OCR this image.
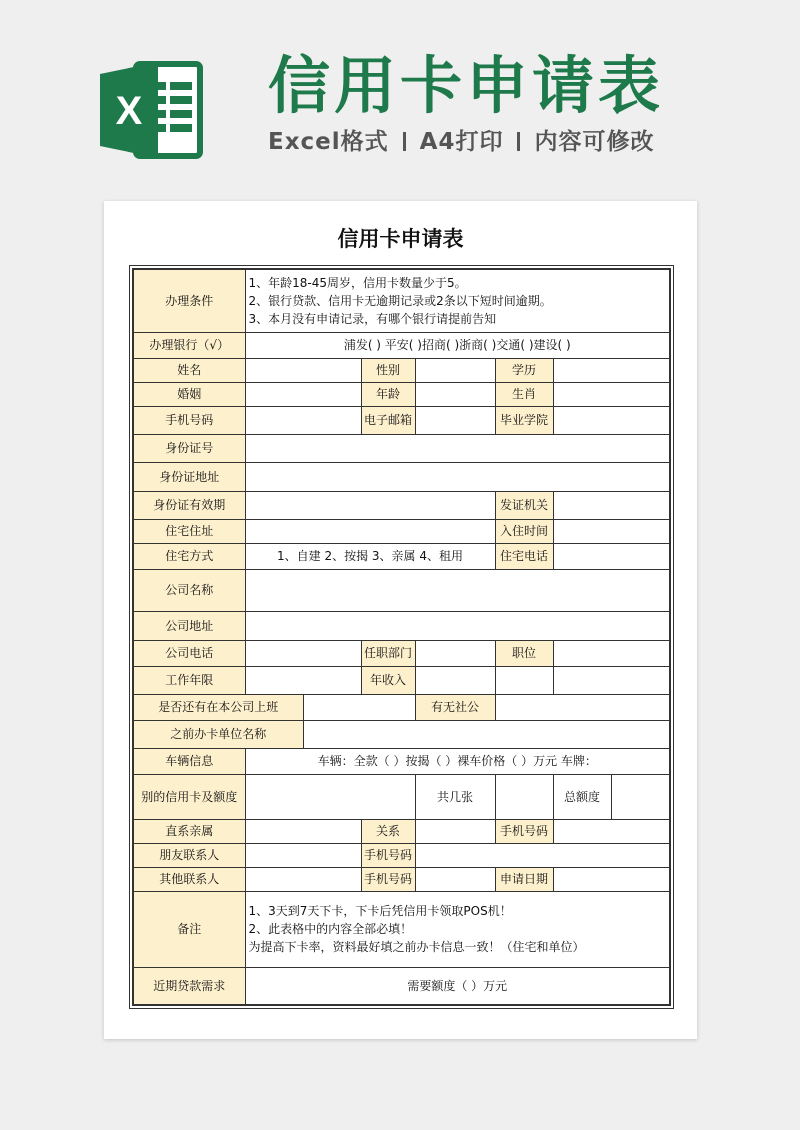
X 信用卡申请表
Excel格式 A4打印 内容可修改
信用卡申请表
办理条件	1、年龄18-45周岁，信用卡数量少于5。
2、银行贷款、信用卡无逾期记录或2条以下短时间逾期。
3、本月没有申请记录，有哪个银行请提前告知						

办理银行（√）	浦发( ) 平安( )招商( )浙商( )交通( )建设( )						
姓名			性别		学历		
婚姻			年龄		生肖		
手机号码			电子邮箱		毕业学院		
身份证号							
身份证地址							
身份证有效期					发证机关		
住宅住址					入住时间		
住宅方式	1、自建 2、按揭 3、亲属 4、租用				住宅电话		
公司名称							
公司地址							
公司电话			任职部门		职位		
工作年限			年收入				
是否还有在本公司上班				有无社公			
之前办卡单位名称							
车辆信息	车辆：全款（ ）按揭（ ）裸车价格（ ）万元 车牌：						
别的信用卡及额度				共几张		总额度	
直系亲属			关系		手机号码		
朋友联系人			手机号码				
其他联系人			手机号码		申请日期		
备注	1、3天到7天下卡，下卡后凭信用卡领取POS机！
2、此表格中的内容全部必填！
为提高下卡率，资料最好填之前办卡信息一致！（住宅和单位）						

近期贷款需求	需要额度（ ）万元						
